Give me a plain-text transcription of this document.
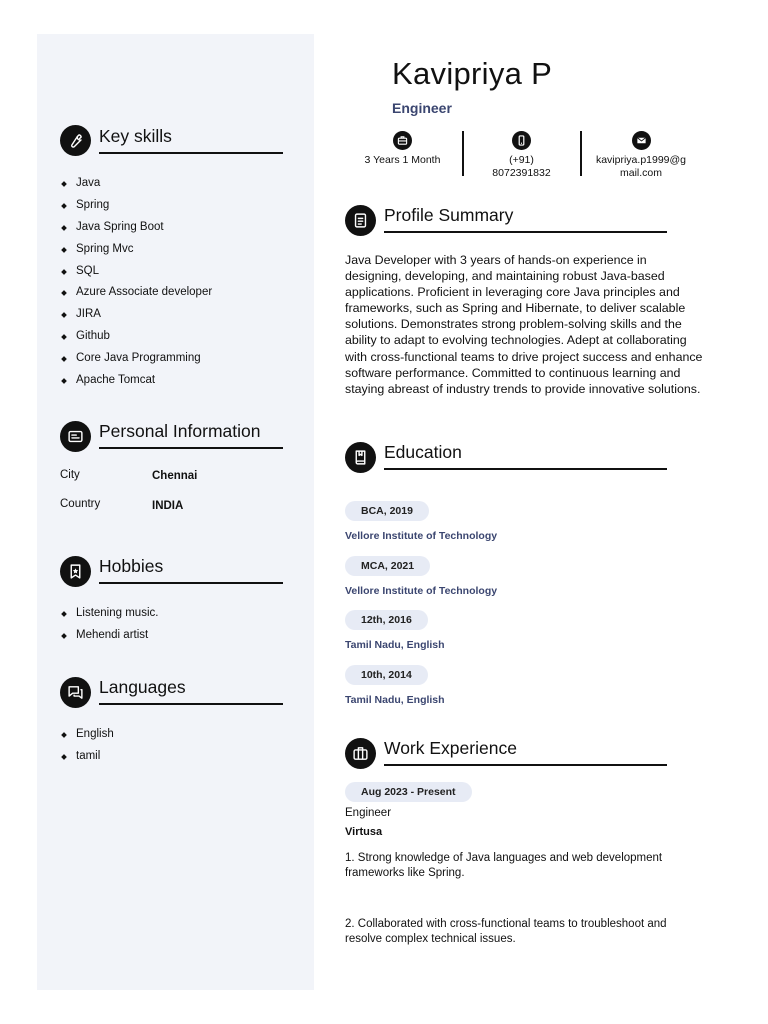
Key skills
Java
Spring
Java Spring Boot
Spring Mvc
SQL
Azure Associate developer
JIRA
Github
Core Java Programming
Apache Tomcat
Personal Information
City	Chennai
Country	INDIA
Hobbies
Listening music.
Mehendi artist
Languages
English
tamil
Kavipriya P
Engineer
3 Years 1 Month	(+91)
8072391832
kavipriya.p1999@g
mail.com
Profile Summary
Java Developer with 3 years of hands-on experience in designing, developing, and maintaining robust Java-based applications. Proficient in leveraging core Java principles and frameworks, such as Spring and Hibernate, to deliver scalable solutions. Demonstrates strong problem-solving skills and the ability to adapt to evolving technologies. Adept at collaborating with cross-functional teams to drive project success and enhance software performance. Committed to continuous learning and staying abreast of industry trends to provide innovative solutions.
Education
BCA, 2019
Vellore Institute of Technology
MCA, 2021
Vellore Institute of Technology
12th, 2016
Tamil Nadu, English
10th, 2014
Tamil Nadu, English
Work Experience
Aug 2023 - Present
Engineer
Virtusa
1. Strong knowledge of Java languages and web development frameworks like Spring.
2. Collaborated with cross-functional teams to troubleshoot and resolve complex technical issues.
